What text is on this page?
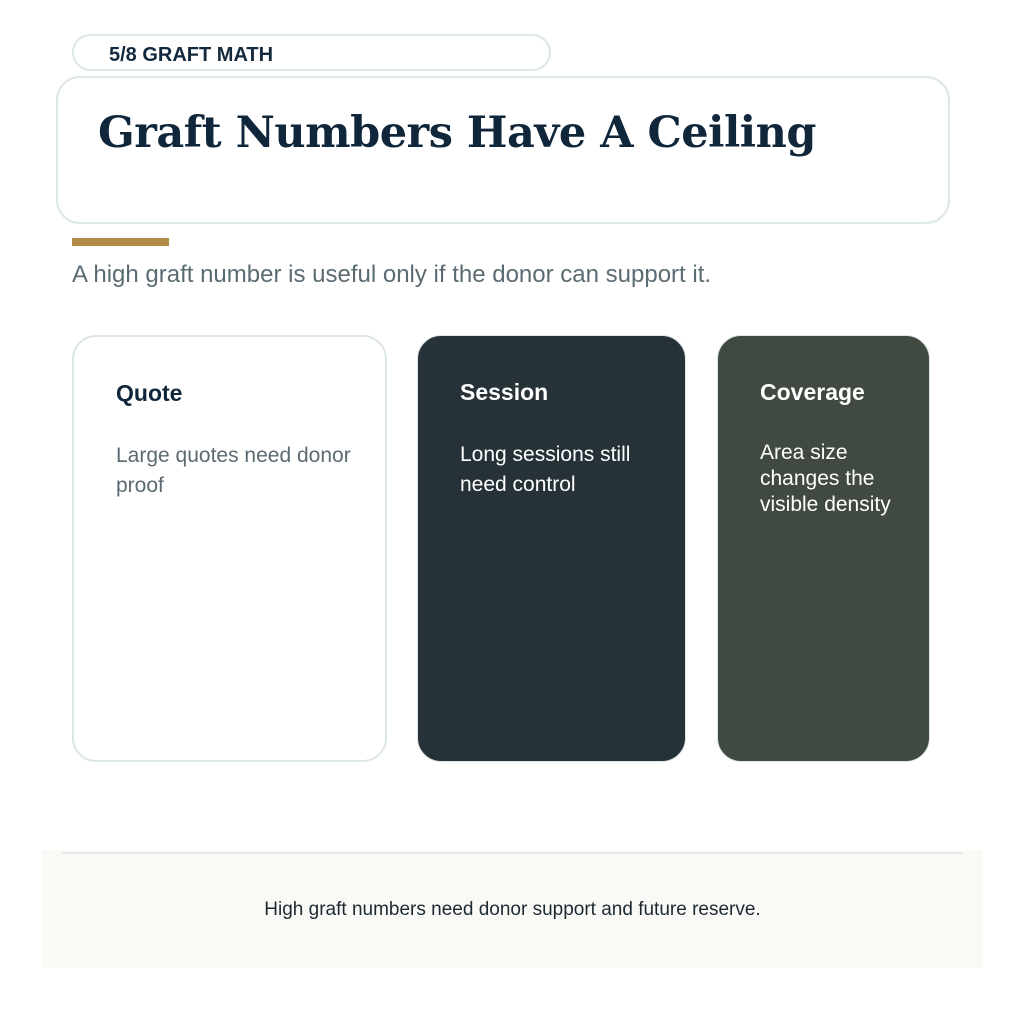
5/8 GRAFT MATH
Graft Numbers Have A Ceiling
A high graft number is useful only if the donor can support it.
Quote
Large quotes need donor proof
Session
Long sessions still need control
Coverage
Area size changes the visible density
High graft numbers need donor support and future reserve.
